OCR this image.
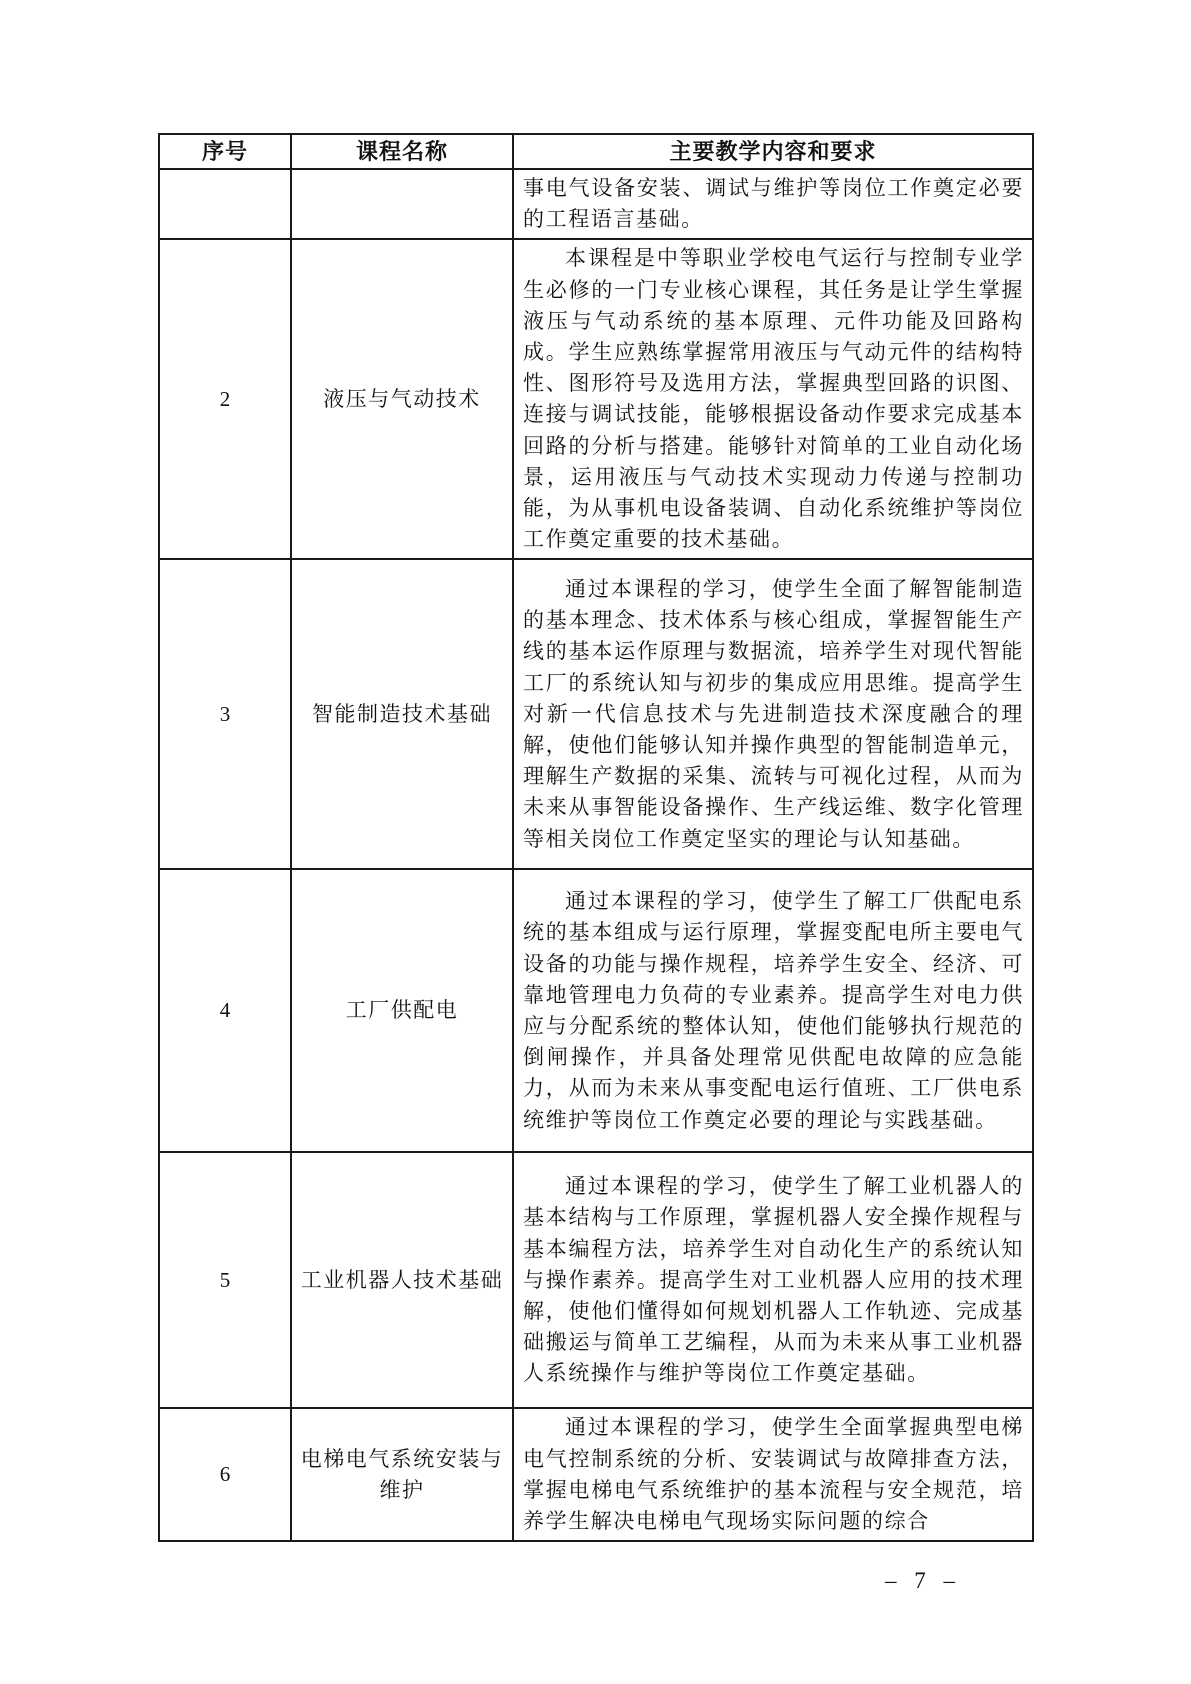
序号	课程名称	主要教学内容和要求

		事电气设备安装、调试与维护等岗位工作奠定必要的工程语言基础。

2	液压与气动技术	本课程是中等职业学校电气运行与控制专业学生必修的一门专业核心课程，其任务是让学生掌握液压与气动系统的基本原理、元件功能及回路构成。学生应熟练掌握常用液压与气动元件的结构特性、图形符号及选用方法，掌握典型回路的识图、连接与调试技能，能够根据设备动作要求完成基本回路的分析与搭建。能够针对简单的工业自动化场景，运用液压与气动技术实现动力传递与控制功能，为从事机电设备装调、自动化系统维护等岗位工作奠定重要的技术基础。

3	智能制造技术基础	通过本课程的学习，使学生全面了解智能制造的基本理念、技术体系与核心组成，掌握智能生产线的基本运作原理与数据流，培养学生对现代智能工厂的系统认知与初步的集成应用思维。提高学生对新一代信息技术与先进制造技术深度融合的理解，使他们能够认知并操作典型的智能制造单元，理解生产数据的采集、流转与可视化过程，从而为未来从事智能设备操作、生产线运维、数字化管理等相关岗位工作奠定坚实的理论与认知基础。

4	工厂供配电	通过本课程的学习，使学生了解工厂供配电系统的基本组成与运行原理，掌握变配电所主要电气设备的功能与操作规程，培养学生安全、经济、可靠地管理电力负荷的专业素养。提高学生对电力供应与分配系统的整体认知，使他们能够执行规范的倒闸操作，并具备处理常见供配电故障的应急能力，从而为未来从事变配电运行值班、工厂供电系统维护等岗位工作奠定必要的理论与实践基础。

5	工业机器人技术基础	通过本课程的学习，使学生了解工业机器人的基本结构与工作原理，掌握机器人安全操作规程与基本编程方法，培养学生对自动化生产的系统认知与操作素养。提高学生对工业机器人应用的技术理解，使他们懂得如何规划机器人工作轨迹、完成基础搬运与简单工艺编程，从而为未来从事工业机器人系统操作与维护等岗位工作奠定基础。

6	电梯电气系统安装与维护	通过本课程的学习，使学生全面掌握典型电梯电气控制系统的分析、安装调试与故障排查方法，掌握电梯电气系统维护的基本流程与安全规范，培养学生解决电梯电气现场实际问题的综合

– 7 –
